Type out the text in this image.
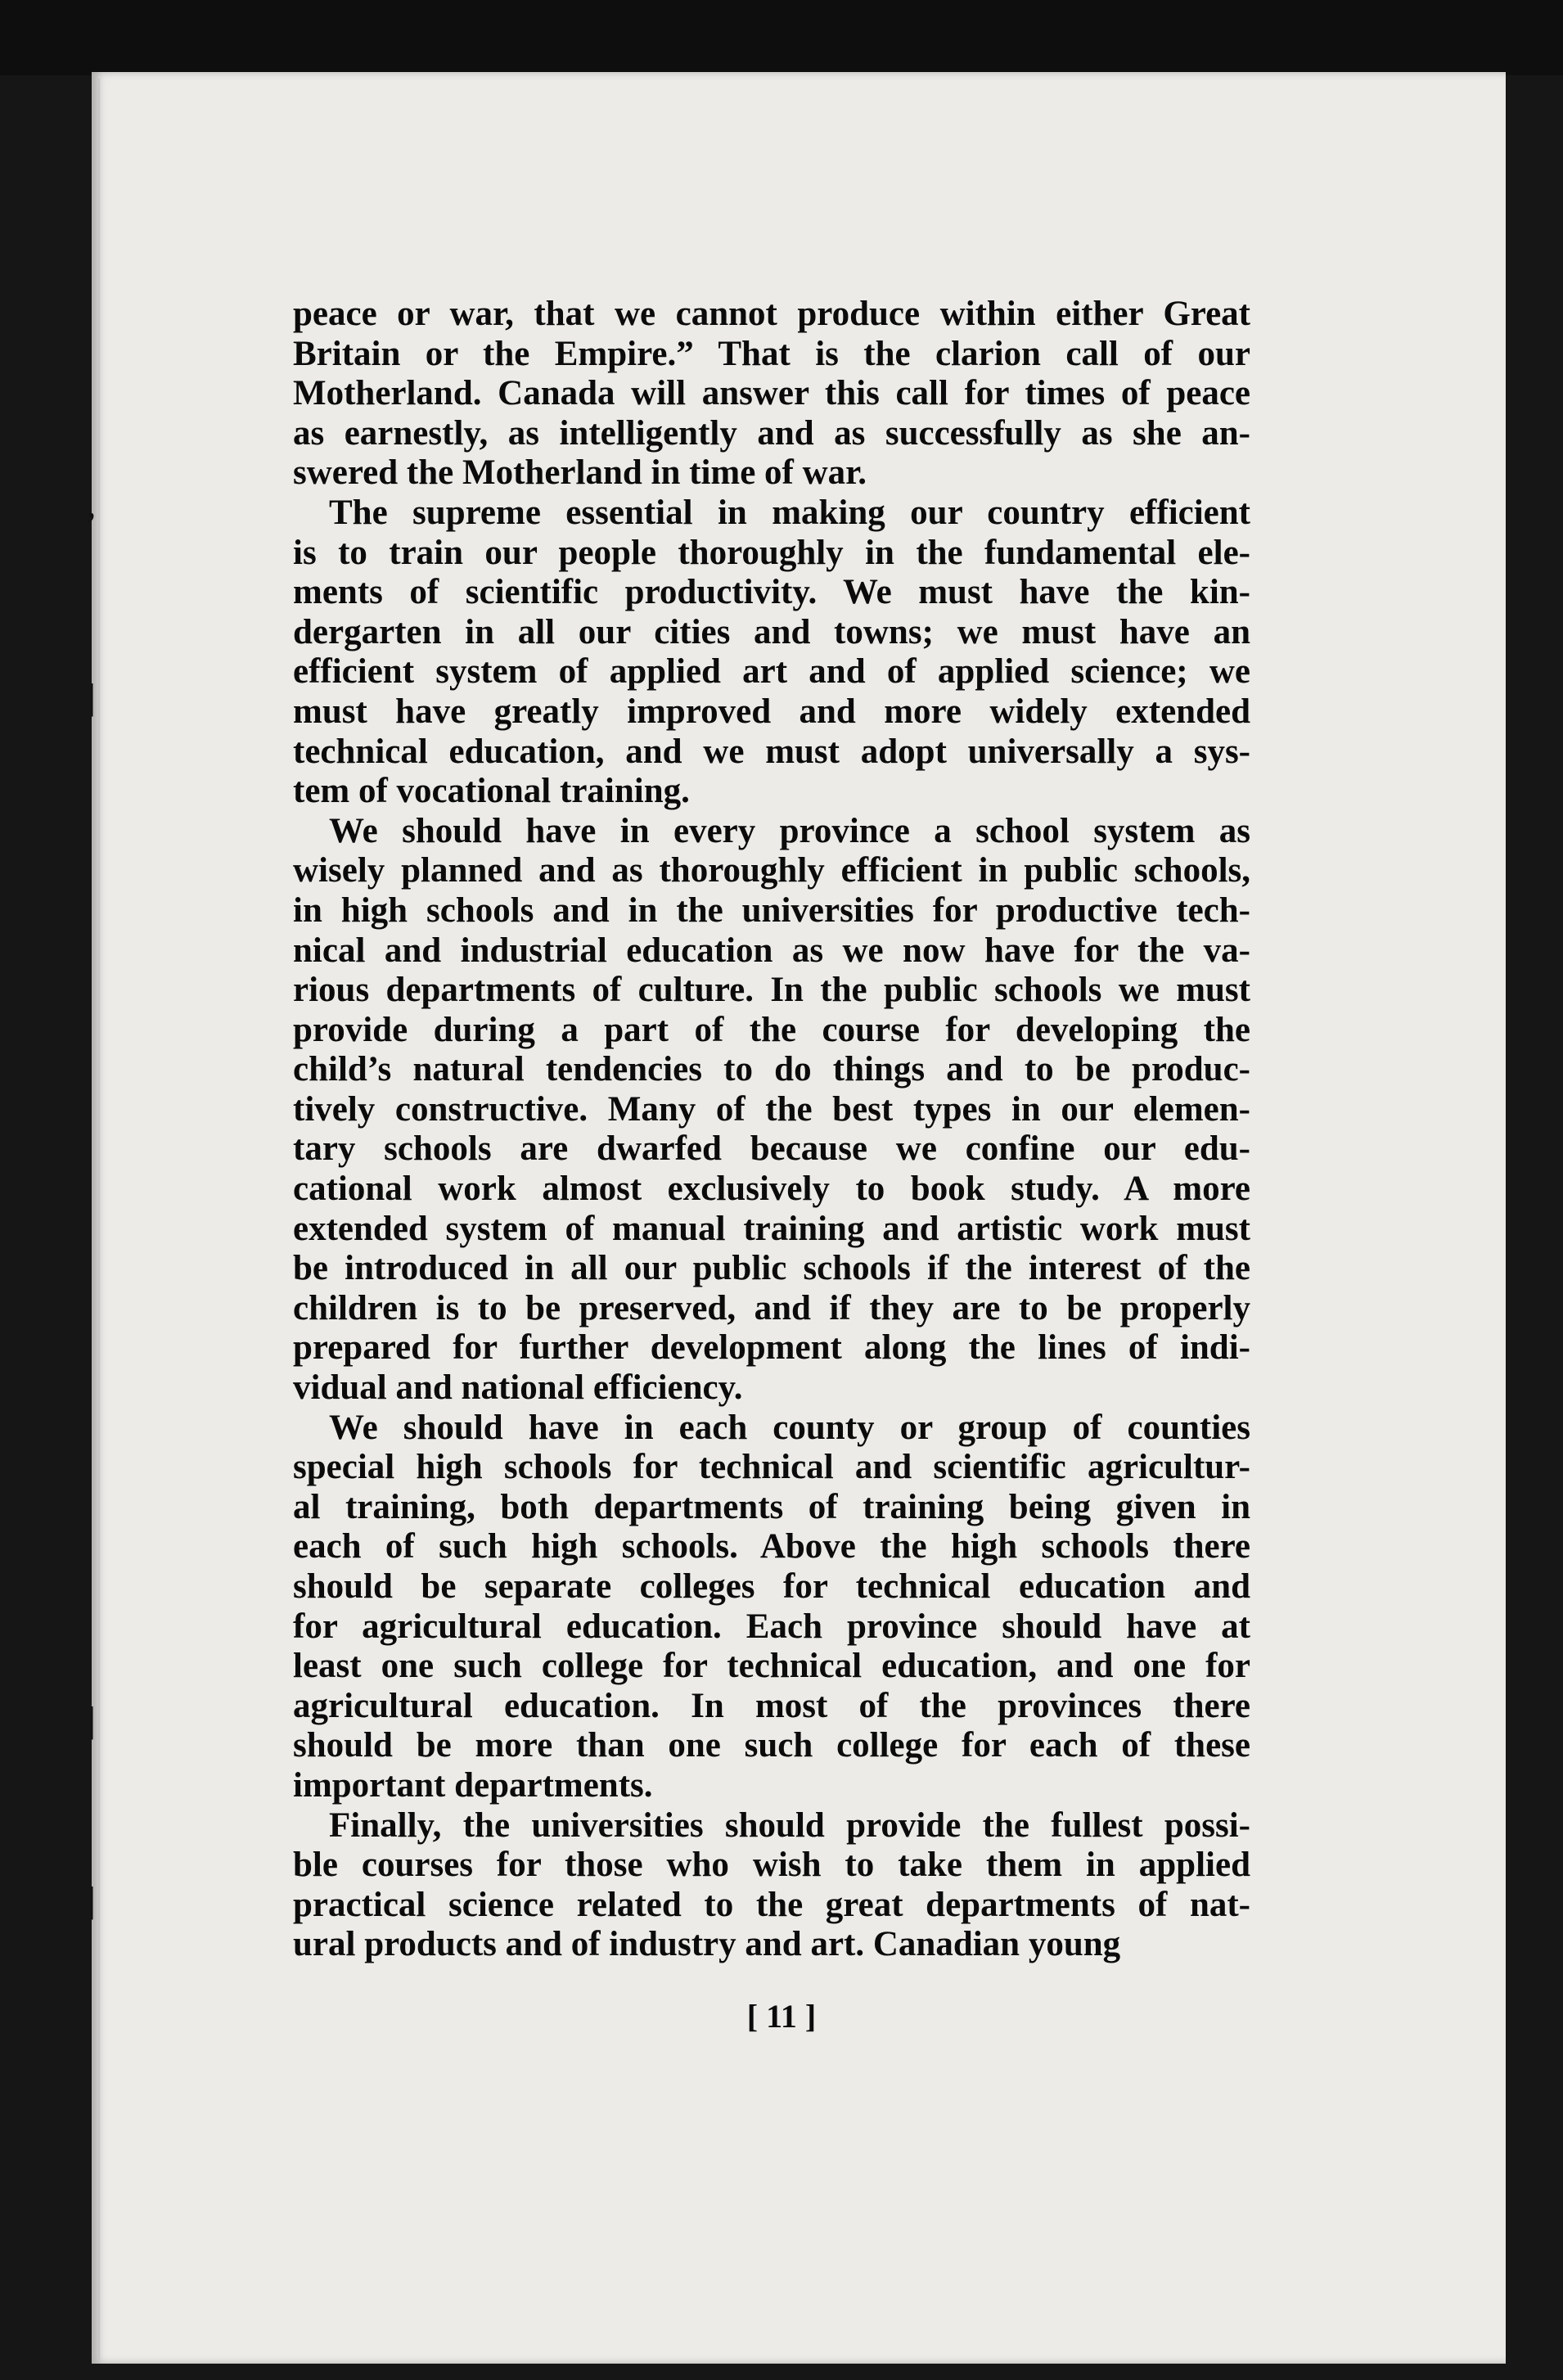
’
|
|
|
peace or war, that we cannot produce within either Great
Britain or the Empire.” That is the clarion call of our
Motherland. Canada will answer this call for times of peace
as earnestly, as intelligently and as successfully as she an-
swered the Motherland in time of war.
The supreme essential in making our country efficient
is to train our people thoroughly in the fundamental ele-
ments of scientific productivity. We must have the kin-
dergarten in all our cities and towns; we must have an
efficient system of applied art and of applied science; we
must have greatly improved and more widely extended
technical education, and we must adopt universally a sys-
tem of vocational training.
We should have in every province a school system as
wisely planned and as thoroughly efficient in public schools,
in high schools and in the universities for productive tech-
nical and industrial education as we now have for the va-
rious departments of culture. In the public schools we must
provide during a part of the course for developing the
child’s natural tendencies to do things and to be produc-
tively constructive. Many of the best types in our elemen-
tary schools are dwarfed because we confine our edu-
cational work almost exclusively to book study. A more
extended system of manual training and artistic work must
be introduced in all our public schools if the interest of the
children is to be preserved, and if they are to be properly
prepared for further development along the lines of indi-
vidual and national efficiency.
We should have in each county or group of counties
special high schools for technical and scientific agricultur-
al training, both departments of training being given in
each of such high schools. Above the high schools there
should be separate colleges for technical education and
for agricultural education. Each province should have at
least one such college for technical education, and one for
agricultural education. In most of the provinces there
should be more than one such college for each of these
important departments.
Finally, the universities should provide the fullest possi-
ble courses for those who wish to take them in applied
practical science related to the great departments of nat-
ural products and of industry and art. Canadian young
[ 11 ]
